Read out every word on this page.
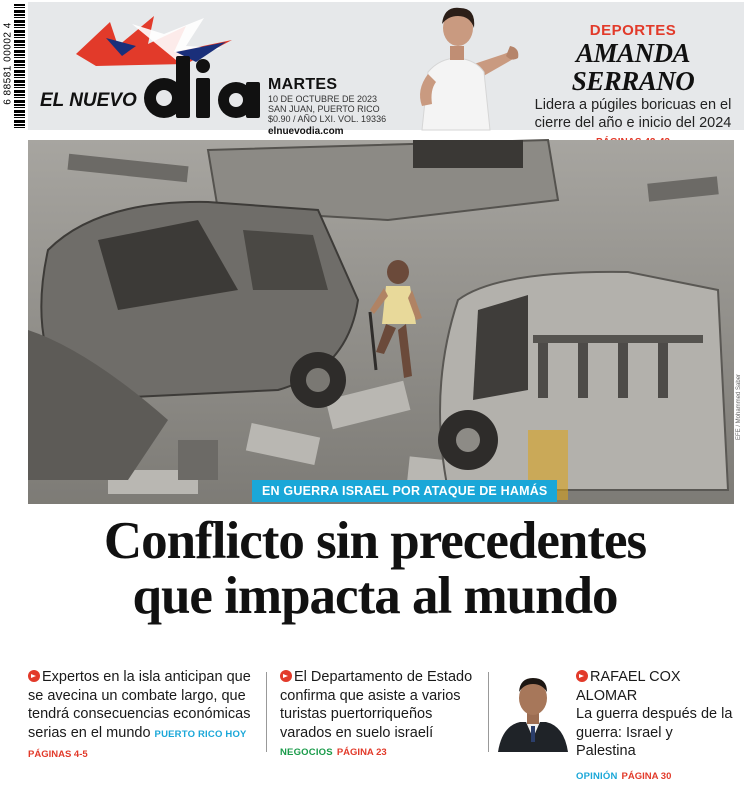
6 88581 00002 4 EL NUEVO
MARTES
10 DE OCTUBRE DE 2023
SAN JUAN, PUERTO RICO
$0.90 / AÑO LXI. VOL. 19336
elnuevodia.com
DEPORTES
AMANDA SERRANO
Lidera a púgiles boricuas en el cierre del año e inicio del 2024
EFE / Mohammed Saber
EN GUERRA ISRAEL POR ATAQUE DE HAMÁS
Conflicto sin precedentes
que impacta al mundo
Expertos en la isla anticipan que se avecina un combate largo, que tendrá consecuencias económicas serias en el mundo PUERTO RICO HOY PÁGINAS 4-5
El Departamento de Estado confirma que asiste a varios turistas puertorriqueños varados en suelo israelí NEGOCIOS PÁGINA 23
RAFAEL COX ALOMAR
La guerra después de la guerra: Israel y Palestina
OPINIÓN PÁGINA 30
